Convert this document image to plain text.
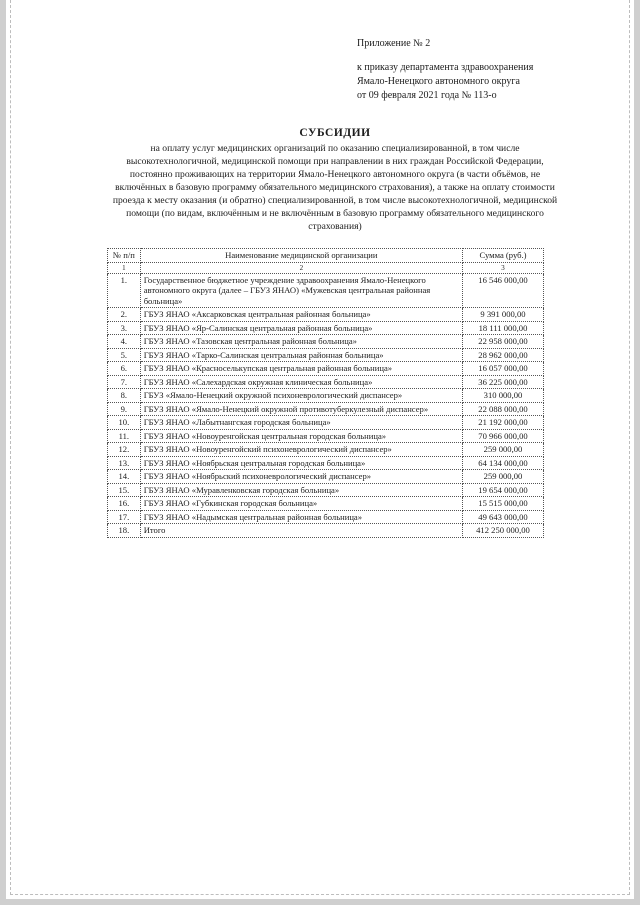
Приложение № 2
к приказу департамента здравоохранения
Ямало-Ненецкого автономного округа
от 09 февраля 2021 года № 113-о
СУБСИДИИ
на оплату услуг медицинских организаций по оказанию специализированной, в том числе высокотехнологичной, медицинской помощи при направлении в них граждан Российской Федерации, постоянно проживающих на территории Ямало-Ненецкого автономного округа (в части объёмов, не включённых в базовую программу обязательного медицинского страхования), а также на оплату стоимости проезда к месту оказания (и обратно) специализированной, в том числе высокотехнологичной, медицинской помощи (по видам, включённым и не включённым в базовую программу обязательного медицинского страхования)
№ п/п	Наименование медицинской организации	Сумма (руб.)
1	2	3
1.	Государственное бюджетное учреждение здравоохранения Ямало-Ненецкого автономного округа (далее – ГБУЗ ЯНАО) «Мужевская центральная районная больница»	16 546 000,00
2.	ГБУЗ ЯНАО «Аксарковская центральная районная больница»	9 391 000,00
3.	ГБУЗ ЯНАО «Яр-Салинская центральная районная больница»	18 111 000,00
4.	ГБУЗ ЯНАО «Тазовская центральная районная больница»	22 958 000,00
5.	ГБУЗ ЯНАО «Тарко-Салинская центральная районная больница»	28 962 000,00
6.	ГБУЗ ЯНАО «Красноселькупская центральная районная больница»	16 057 000,00
7.	ГБУЗ ЯНАО «Салехардская окружная клиническая больница»	36 225 000,00
8.	ГБУЗ «Ямало-Ненецкий окружной психоневрологический диспансер»	310 000,00
9.	ГБУЗ ЯНАО «Ямало-Ненецкий окружной противотуберкулезный диспансер»	22 088 000,00
10.	ГБУЗ ЯНАО «Лабытнангская городская больница»	21 192 000,00
11.	ГБУЗ ЯНАО «Новоуренгойская центральная городская больница»	70 966 000,00
12.	ГБУЗ ЯНАО «Новоуренгойский психоневрологический диспансер»	259 000,00
13.	ГБУЗ ЯНАО «Ноябрьская центральная городская больница»	64 134 000,00
14.	ГБУЗ ЯНАО «Ноябрьский психоневрологический диспансер»	259 000,00
15.	ГБУЗ ЯНАО «Муравленковская городская больница»	19 654 000,00
16.	ГБУЗ ЯНАО «Губкинская городская больница»	15 515 000,00
17.	ГБУЗ ЯНАО «Надымская центральная районная больница»	49 643 000,00
18.	Итого	412 250 000,00
